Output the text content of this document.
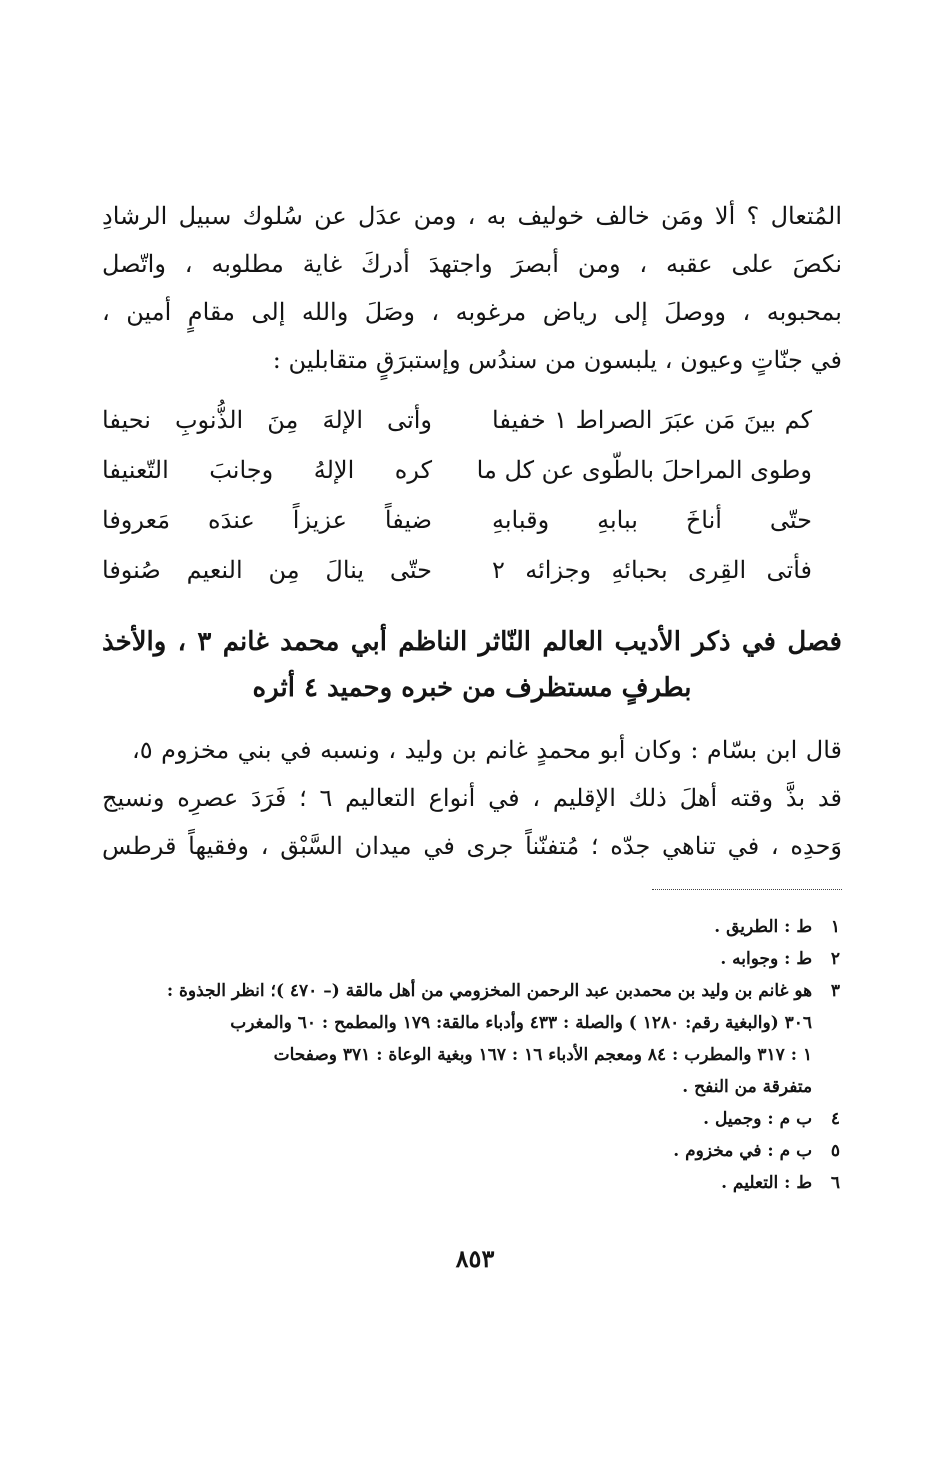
المُتعال ؟ ألا ومَن خالف خوليف به ، ومن عدَل عن سُلوك سبيل الرشادِ
نكصَ على عقبه ، ومن أبصرَ واجتهدَ أدركَ غاية مطلوبه ، واتّصل
بمحبوبه ، ووصلَ إلى رياض مرغوبه ، وصَلَ والله إلى مقامٍ أمين ،
في جنّاتٍ وعيون ، يلبسون من سندُس وإستبرَقٍ متقابلين :
كم بينَ مَن عبَرَ الصراط ١ خفيفا
وأتى الإلهَ مِنَ الذُّنوبِ نحيفا
وطوى المراحلَ بالطّوى عن كل ما
كره الإلهُ وجانبَ التّعنيفا
حتّى أناخَ ببابهِ وقبابهِ
ضيفاً عزيزاً عندَه مَعروفا
فأتى القِرى بحبائهِ وجزائه ٢
حتّى ينالَ مِن النعيم صُنوفا
فصل في ذكر الأديب العالم النّاثر الناظم أبي محمد غانم ٣ ، والأخذ
بطرفٍ مستظرف من خبره وحميد ٤ أثره
قال ابن بسّام : وكان أبو محمدٍ غانم بن وليد ، ونسبه في بني مخزوم ٥،
قد بذَّ وقته أهلَ ذلك الإقليم ، في أنواع التعاليم ٦ ؛ فَرَدَ عصرِه ونسيج
وَحدِه ، في تناهي جدّه ؛ مُتفنّناً جرى في ميدان السَّبْق ، وفقيهاً قرطس
١ ط : الطريق .
٢ ط : وجوابه .
٣ هو غانم بن وليد بن محمدبن عبد الرحمن المخزومي من أهل مالقة (– ٤٧٠ )؛ انظر الجذوة :
٣٠٦ (والبغية رقم: ١٢٨٠ ) والصلة : ٤٣٣ وأدباء مالقة: ١٧٩ والمطمح : ٦٠ والمغرب
١ : ٣١٧ والمطرب : ٨٤ ومعجم الأدباء ١٦ : ١٦٧ وبغية الوعاة : ٣٧١ وصفحات
متفرقة من النفح .
٤ ب م : وجميل .
٥ ب م : في مخزوم .
٦ ط : التعليم .
٨٥٣
